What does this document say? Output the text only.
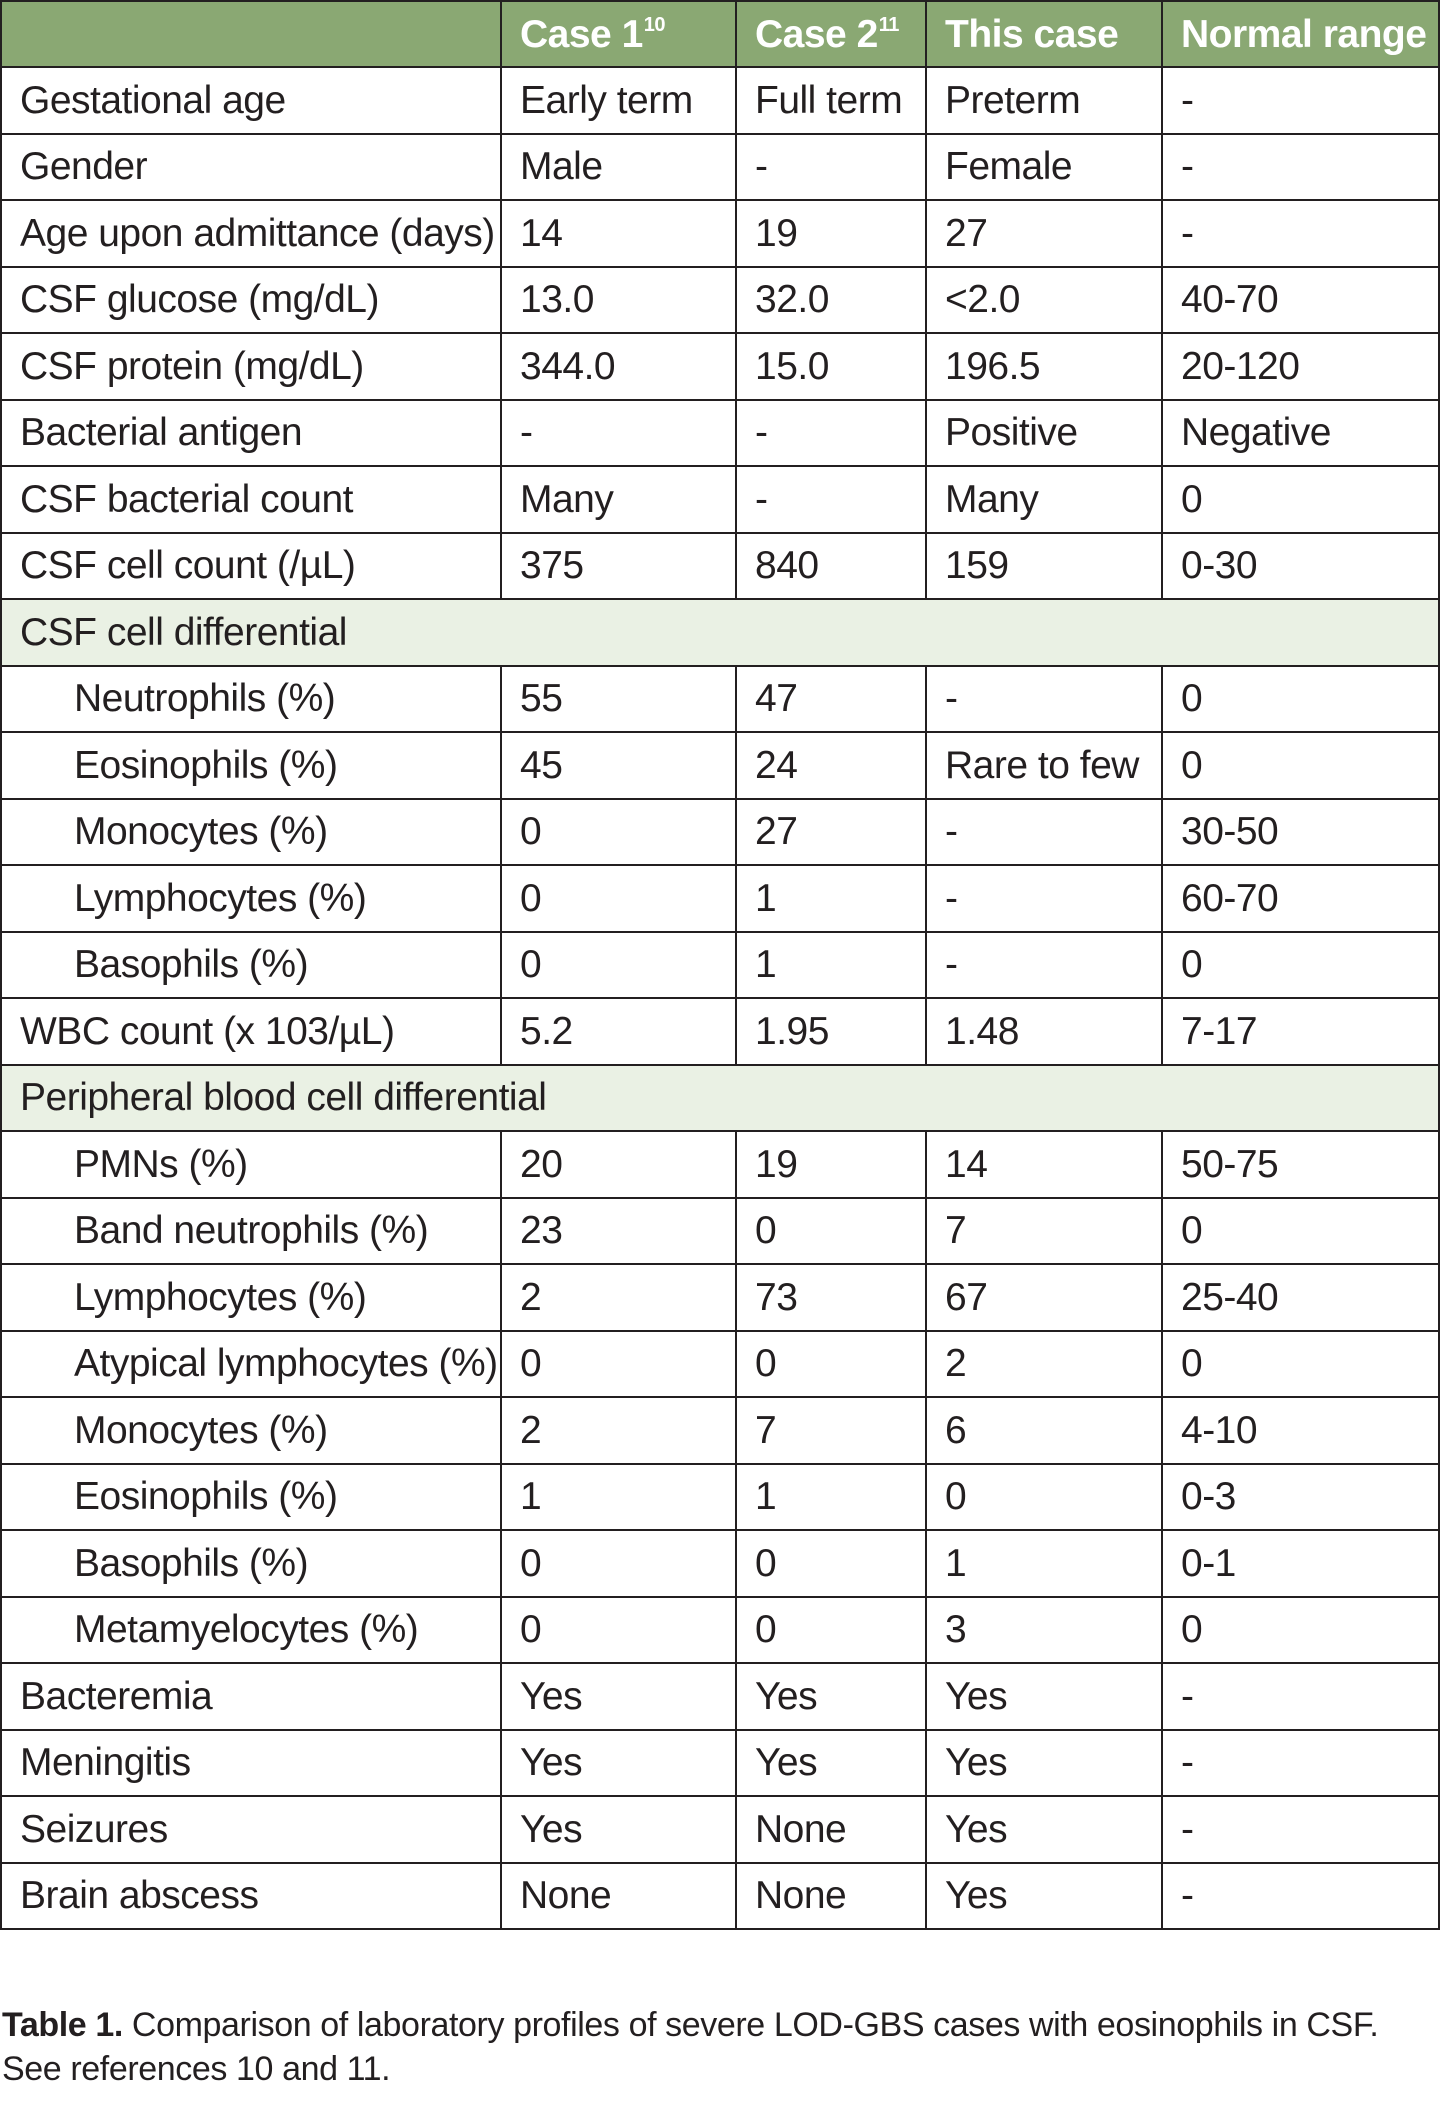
	Case $1^{10}$	Case $2^{11}$	This case	Normal range
Gestational age	Early term	Full term	Preterm	-
Gender	Male	-	Female	-
Age upon admittance (days)	14	19	27	-
CSF glucose (mg/dL)	13.0	32.0	<2.0	40-70
CSF protein (mg/dL)	344.0	15.0	196.5	20-120
Bacterial antigen	-	-	Positive	Negative
CSF bacterial count	Many	-	Many	0
CSF cell count (/µL)	375	840	159	0-30
CSF cell differential				
Neutrophils (%)	55	47	-	0
Eosinophils (%)	45	24	Rare to few	0
Monocytes (%)	0	27	-	30-50
Lymphocytes (%)	0	1	-	60-70
Basophils (%)	0	1	-	0
WBC count (x 103/µL)	5.2	1.95	1.48	7-17
Peripheral blood cell differential				
PMNs (%)	20	19	14	50-75
Band neutrophils (%)	23	0	7	0
Lymphocytes (%)	2	73	67	25-40
Atypical lymphocytes (%)	0	0	2	0
Monocytes (%)	2	7	6	4-10
Eosinophils (%)	1	1	0	0-3
Basophils (%)	0	0	1	0-1
Metamyelocytes (%)	0	0	3	0
Bacteremia	Yes	Yes	Yes	-
Meningitis	Yes	Yes	Yes	-
Seizures	Yes	None	Yes	-
Brain abscess	None	None	Yes	-
Table 1. Comparison of laboratory profiles of severe LOD-GBS cases with eosinophils in CSF. See references 10 and 11.
